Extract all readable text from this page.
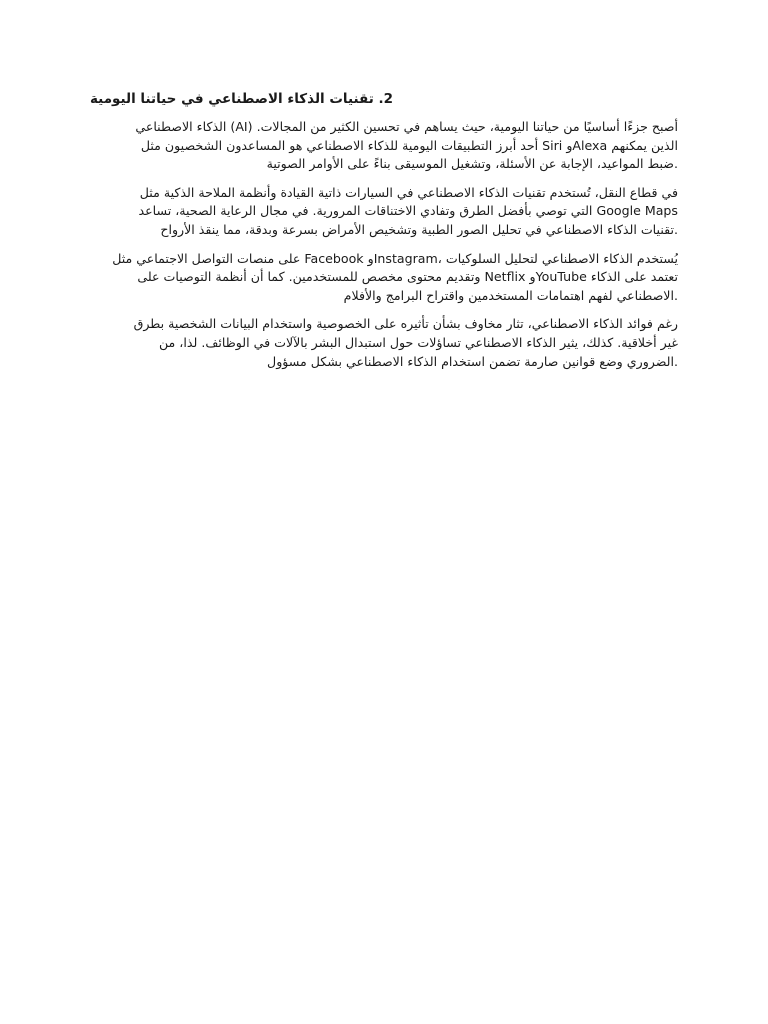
2. تقنيات الذكاء الاصطناعي في حياتنا اليومية
أصبح جزءًا أساسيًا من حياتنا اليومية، حيث يساهم في تحسين الكثير من المجالات. (AI) الذكاء الاصطناعي
الذين يمكنهم Alexaو Siri أحد أبرز التطبيقات اليومية للذكاء الاصطناعي هو المساعدون الشخصيون مثل
.ضبط المواعيد، الإجابة عن الأسئلة، وتشغيل الموسيقى بناءً على الأوامر الصوتية
في قطاع النقل، تُستخدم تقنيات الذكاء الاصطناعي في السيارات ذاتية القيادة وأنظمة الملاحة الذكية مثل
Google Maps التي توصي بأفضل الطرق وتفادي الاختناقات المرورية. في مجال الرعاية الصحية، تساعد
.تقنيات الذكاء الاصطناعي في تحليل الصور الطبية وتشخيص الأمراض بسرعة وبدقة، مما ينقذ الأرواح
يُستخدم الذكاء الاصطناعي لتحليل السلوكيات ،Instagramو Facebook على منصات التواصل الاجتماعي مثل
تعتمد على الذكاء YouTubeو Netflix وتقديم محتوى مخصص للمستخدمين. كما أن أنظمة التوصيات على
.الاصطناعي لفهم اهتمامات المستخدمين واقتراح البرامج والأفلام
رغم فوائد الذكاء الاصطناعي، تثار مخاوف بشأن تأثيره على الخصوصية واستخدام البيانات الشخصية بطرق
غير أخلاقية. كذلك، يثير الذكاء الاصطناعي تساؤلات حول استبدال البشر بالآلات في الوظائف. لذا، من
.الضروري وضع قوانين صارمة تضمن استخدام الذكاء الاصطناعي بشكل مسؤول
